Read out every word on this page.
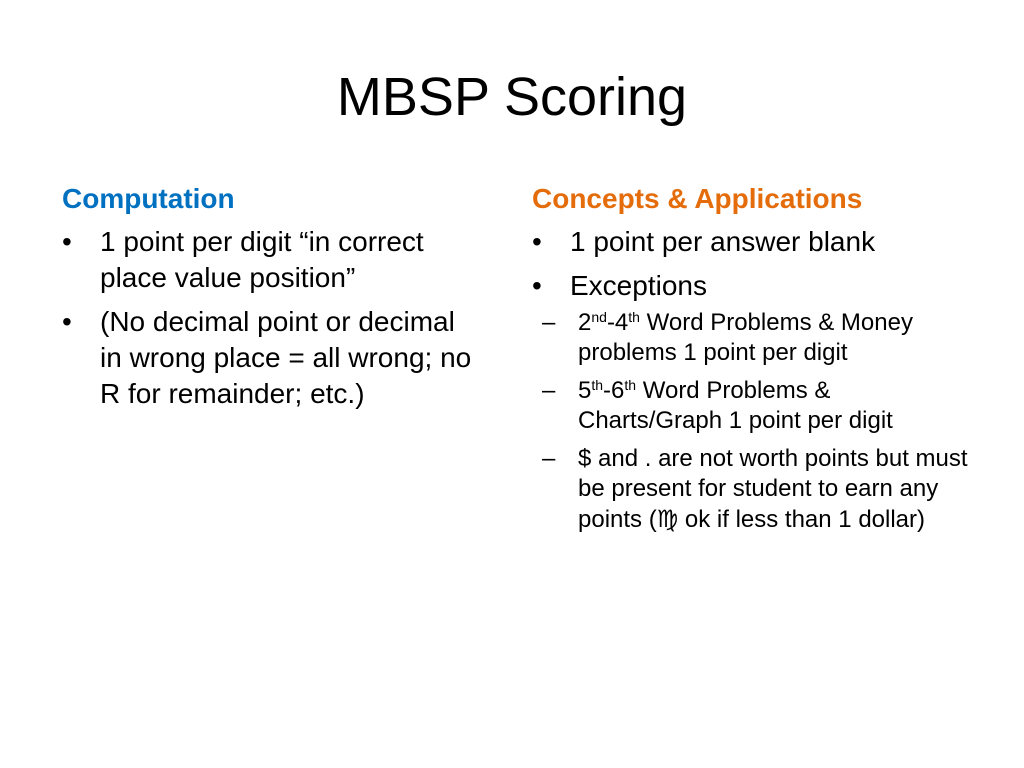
MBSP Scoring
Computation
•	1 point per digit “in correct place value position”
•	(No decimal point or decimal in wrong place = all wrong; no R for remainder; etc.)
Concepts & Applications
•	1 point per answer blank
•	Exceptions
– 2nd-4th Word Problems & Money problems 1 point per digit
– 5th-6th Word Problems & Charts/Graph 1 point per digit
– $ and . are not worth points but must be present for student to earn any points (♍ ok if less than 1 dollar)
